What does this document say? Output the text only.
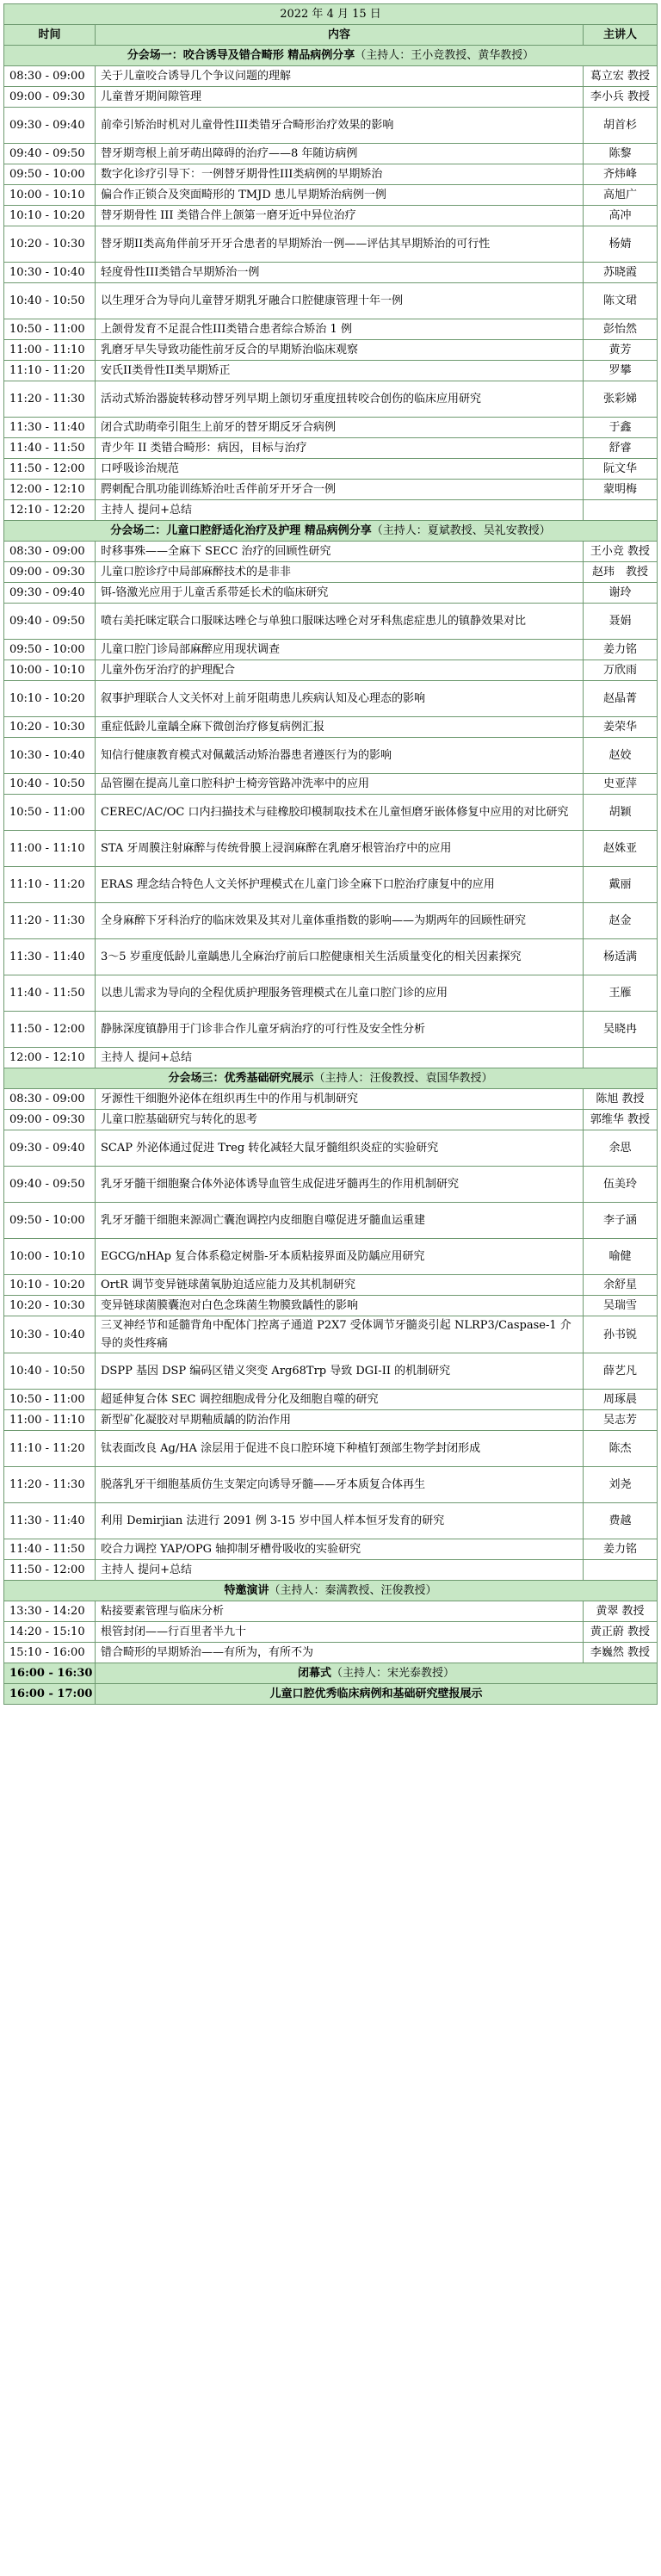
2022 年 4 月 15 日		
时间	内容	主讲人
分会场一：咬合诱导及错合畸形 精品病例分享（主持人：王小竞教授、黄华教授）		
08:30 - 09:00	关于儿童咬合诱导几个争议问题的理解	葛立宏 教授
09:00 - 09:30	儿童普牙期间隙管理	李小兵 教授
09:30 - 09:40	前牵引矫治时机对儿童骨性III类错牙合畸形治疗效果的影响	胡首杉
09:40 - 09:50	替牙期弯根上前牙萌出障碍的治疗——8 年随访病例	陈黎
09:50 - 10:00	数字化诊疗引导下：一例替牙期骨性III类病例的早期矫治	齐炜峰
10:00 - 10:10	偏合作正锁合及突面畸形的 TMJD 患儿早期矫治病例一例	高旭广
10:10 - 10:20	替牙期骨性 III 类错合伴上颌第一磨牙近中异位治疗	高冲
10:20 - 10:30	替牙期II类高角伴前牙开牙合患者的早期矫治一例——评估其早期矫治的可行性	杨婧
10:30 - 10:40	轻度骨性III类错合早期矫治一例	苏晓霞
10:40 - 10:50	以生理牙合为导向儿童替牙期乳牙融合口腔健康管理十年一例	陈文珺
10:50 - 11:00	上颌骨发育不足混合性III类错合患者综合矫治 1 例	彭怡然
11:00 - 11:10	乳磨牙早失导致功能性前牙反合的早期矫治临床观察	黄芳
11:10 - 11:20	安氏II类骨性II类早期矫正	罗攀
11:20 - 11:30	活动式矫治器旋转移动替牙列早期上颌切牙重度扭转咬合创伤的临床应用研究	张彩娣
11:30 - 11:40	闭合式助萌牵引阻生上前牙的替牙期反牙合病例	于鑫
11:40 - 11:50	青少年 II 类错合畸形：病因，目标与治疗	舒睿
11:50 - 12:00	口呼吸诊治规范	阮文华
12:00 - 12:10	腭刺配合肌功能训练矫治吐舌伴前牙开牙合一例	蒙明梅
12:10 - 12:20	主持人 提问+总结	
分会场二：儿童口腔舒适化治疗及护理 精品病例分享（主持人：夏斌教授、吴礼安教授）		
08:30 - 09:00	时移事殊——全麻下 SECC 治疗的回顾性研究	王小竞 教授
09:00 - 09:30	儿童口腔诊疗中局部麻醉技术的是非非	赵玮　教授
09:30 - 09:40	铒-铬激光应用于儿童舌系带延长术的临床研究	谢玲
09:40 - 09:50	喷右美托咪定联合口服咪达唑仑与单独口服咪达唑仑对牙科焦虑症患儿的镇静效果对比	聂娟
09:50 - 10:00	儿童口腔门诊局部麻醉应用现状调查	姜力铭
10:00 - 10:10	儿童外伤牙治疗的护理配合	万欣雨
10:10 - 10:20	叙事护理联合人文关怀对上前牙阻萌患儿疾病认知及心理态的影响	赵晶菁
10:20 - 10:30	重症低龄儿童龋全麻下微创治疗修复病例汇报	姜荣华
10:30 - 10:40	知信行健康教育模式对佩戴活动矫治器患者遵医行为的影响	赵姣
10:40 - 10:50	品管圈在提高儿童口腔科护士椅旁管路冲洗率中的应用	史亚萍
10:50 - 11:00	CEREC/AC/OC 口内扫描技术与硅橡胶印模制取技术在儿童恒磨牙嵌体修复中应用的对比研究	胡颖
11:00 - 11:10	STA 牙周膜注射麻醉与传统骨膜上浸润麻醉在乳磨牙根管治疗中的应用	赵姝亚
11:10 - 11:20	ERAS 理念结合特色人文关怀护理模式在儿童门诊全麻下口腔治疗康复中的应用	戴丽
11:20 - 11:30	全身麻醉下牙科治疗的临床效果及其对儿童体重指数的影响——为期两年的回顾性研究	赵金
11:30 - 11:40	3～5 岁重度低龄儿童龋患儿全麻治疗前后口腔健康相关生活质量变化的相关因素探究	杨适满
11:40 - 11:50	以患儿需求为导向的全程优质护理服务管理模式在儿童口腔门诊的应用	王雁
11:50 - 12:00	静脉深度镇静用于门诊非合作儿童牙病治疗的可行性及安全性分析	吴晓冉
12:00 - 12:10	主持人 提问+总结	
分会场三：优秀基础研究展示（主持人：汪俊教授、袁国华教授）		
08:30 - 09:00	牙源性干细胞外泌体在组织再生中的作用与机制研究	陈旭 教授
09:00 - 09:30	儿童口腔基础研究与转化的思考	郭维华 教授
09:30 - 09:40	SCAP 外泌体通过促进 Treg 转化减轻大鼠牙髓组织炎症的实验研究	余思
09:40 - 09:50	乳牙牙髓干细胞聚合体外泌体诱导血管生成促进牙髓再生的作用机制研究	伍美玲
09:50 - 10:00	乳牙牙髓干细胞来源凋亡囊泡调控内皮细胞自噬促进牙髓血运重建	李子涵
10:00 - 10:10	EGCG/nHAp 复合体系稳定树脂-牙本质粘接界面及防龋应用研究	喻健
10:10 - 10:20	OrtR 调节变异链球菌氧胁迫适应能力及其机制研究	余舒星
10:20 - 10:30	变异链球菌膜囊泡对白色念珠菌生物膜致龋性的影响	吴瑞雪
10:30 - 10:40	三叉神经节和延髓背角中配体门控离子通道 P2X7 受体调节牙髓炎引起 NLRP3/Caspase-1 介导的炎性疼痛	孙书锐
10:40 - 10:50	DSPP 基因 DSP 编码区错义突变 Arg68Trp 导致 DGI-II 的机制研究	薛艺凡
10:50 - 11:00	超延伸复合体 SEC 调控细胞成骨分化及细胞自噬的研究	周琢晨
11:00 - 11:10	新型矿化凝胶对早期釉质龋的防治作用	吴志芳
11:10 - 11:20	钛表面改良 Ag/HA 涂层用于促进不良口腔环境下种植钉颈部生物学封闭形成	陈杰
11:20 - 11:30	脱落乳牙干细胞基质仿生支架定向诱导牙髓——牙本质复合体再生	刘尧
11:30 - 11:40	利用 Demirjian 法进行 2091 例 3-15 岁中国人样本恒牙发育的研究	费越
11:40 - 11:50	咬合力调控 YAP/OPG 轴抑制牙槽骨吸收的实验研究	姜力铭
11:50 - 12:00	主持人 提问+总结	
特邀演讲（主持人：秦满教授、汪俊教授）		
13:30 - 14:20	粘接要素管理与临床分析	黄翠 教授
14:20 - 15:10	根管封闭——行百里者半九十	黄正蔚 教授
15:10 - 16:00	错合畸形的早期矫治——有所为，有所不为	李巍然 教授
16:00 - 16:30	闭幕式（主持人：宋光泰教授）	
16:00 - 17:00	儿童口腔优秀临床病例和基础研究壁报展示	
